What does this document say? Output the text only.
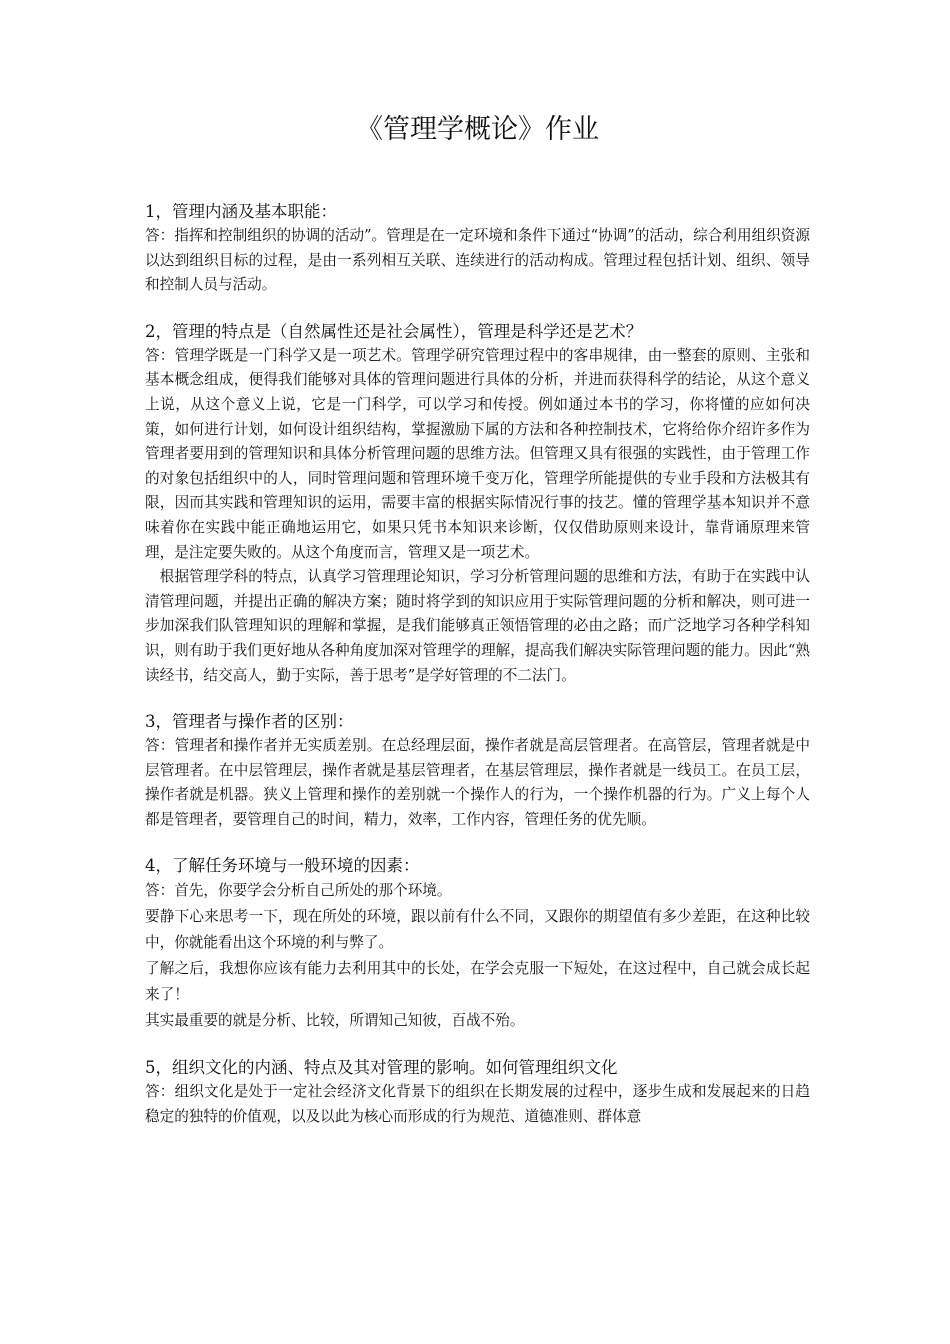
《管理学概论》作业

1，管理内涵及基本职能：

答：指挥和控制组织的协调的活动”。管理是在一定环境和条件下通过“协调”的活动，综合利用组织资源以达到组织目标的过程，是由一系列相互关联、连续进行的活动构成。管理过程包括计划、组织、领导和控制人员与活动。

2，管理的特点是（自然属性还是社会属性），管理是科学还是艺术？

答：管理学既是一门科学又是一项艺术。管理学研究管理过程中的客串规律，由一整套的原则、主张和基本概念组成，便得我们能够对具体的管理问题进行具体的分析，并进而获得科学的结论，从这个意义上说，从这个意义上说，它是一门科学，可以学习和传授。例如通过本书的学习，你将懂的应如何决策，如何进行计划，如何设计组织结构，掌握激励下属的方法和各种控制技术，它将给你介绍许多作为管理者要用到的管理知识和具体分析管理问题的思维方法。但管理又具有很强的实践性，由于管理工作的对象包括组织中的人，同时管理问题和管理环境千变万化，管理学所能提供的专业手段和方法极其有限，因而其实践和管理知识的运用，需要丰富的根据实际情况行事的技艺。懂的管理学基本知识并不意味着你在实践中能正确地运用它，如果只凭书本知识来诊断，仅仅借助原则来设计，靠背诵原理来管理，是注定要失败的。从这个角度而言，管理又是一项艺术。

根据管理学科的特点，认真学习管理理论知识，学习分析管理问题的思维和方法，有助于在实践中认清管理问题，并提出正确的解决方案；随时将学到的知识应用于实际管理问题的分析和解决，则可进一步加深我们队管理知识的理解和掌握，是我们能够真正领悟管理的必由之路；而广泛地学习各种学科知识，则有助于我们更好地从各种角度加深对管理学的理解，提高我们解决实际管理问题的能力。因此“熟读经书，结交高人，勤于实际，善于思考”是学好管理的不二法门。

3，管理者与操作者的区别：

答：管理者和操作者并无实质差别。在总经理层面，操作者就是高层管理者。在高管层，管理者就是中层管理者。在中层管理层，操作者就是基层管理者，在基层管理层，操作者就是一线员工。在员工层，操作者就是机器。狭义上管理和操作的差别就一个操作人的行为，一个操作机器的行为。广义上每个人都是管理者，要管理自己的时间，精力，效率，工作内容，管理任务的优先顺。

4，了解任务环境与一般环境的因素：

答：首先，你要学会分析自己所处的那个环境。

要静下心来思考一下，现在所处的环境，跟以前有什么不同，又跟你的期望值有多少差距，在这种比较中，你就能看出这个环境的利与弊了。

了解之后，我想你应该有能力去利用其中的长处，在学会克服一下短处，在这过程中，自己就会成长起来了！

其实最重要的就是分析、比较，所谓知己知彼，百战不殆。

5，组织文化的内涵、特点及其对管理的影响。如何管理组织文化

答：组织文化是处于一定社会经济文化背景下的组织在长期发展的过程中，逐步生成和发展起来的日趋稳定的独特的价值观，以及以此为核心而形成的行为规范、道德准则、群体意
